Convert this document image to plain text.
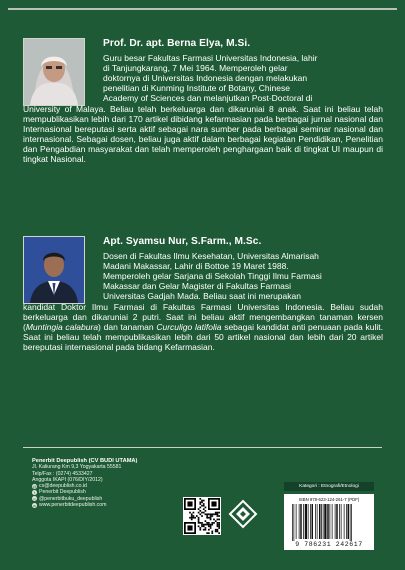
Prof. Dr. apt. Berna Elya, M.Si.
Guru besar Fakultas Farmasi Universitas Indonesia, lahir
di Tanjungkarang, 7 Mei 1964. Memperoleh gelar
doktornya di Universitas Indonesia dengan melakukan
penelitian di Kunming Institute of Botany, Chinese
Academy of Sciences dan melanjutkan Post-Doctoral di
University of Malaya. Beliau telah berkeluarga dan dikaruniai 8 anak. Saat ini beliau telah mempublikasikan lebih dari 170 artikel dibidang kefarmasian pada berbagai jurnal nasional dan Internasional bereputasi serta aktif sebagai nara sumber pada berbagai seminar nasional dan internasional. Sebagai dosen, beliau juga aktif dalam berbagai kegiatan Pendidikan, Penelitian dan Pengabdian masyarakat dan telah memperoleh penghargaan baik di tingkat UI maupun di tingkat Nasional.
Apt. Syamsu Nur, S.Farm., M.Sc.
Dosen di Fakultas Ilmu Kesehatan, Universitas Almarisah
Madani Makassar, Lahir di Bottoe 19 Maret 1988.
Memperoleh gelar Sarjana di Sekolah Tinggi Ilmu Farmasi
Makassar dan Gelar Magister di Fakultas Farmasi
Universitas Gadjah Mada. Beliau saat ini merupakan
kandidat Doktor Ilmu Farmasi di Fakultas Farmasi Universitas Indonesia. Beliau sudah berkeluarga dan dikaruniai 2 putri. Saat ini beliau aktif mengembangkan tanaman kersen (Muntingia calabura) dan tanaman Curculigo latifolia sebagai kandidat anti penuaan pada kulit. Saat ini beliau telah mempublikasikan lebih dari 50 artikel nasional dan lebih dari 20 artikel bereputasi internasional pada bidang Kefarmasian.
Penerbit Deepublish (CV BUDI UTAMA)
Jl. Kaliurang Km 9,3 Yogyakarta 55581
Telp/Fax : (0274) 4533427
Anggota IKAPI (076/DIY/2012)
@ cs@deepublish.co.id
f Penerbit Deepublish
o @penerbitbuku_deepublish
w www.penerbitdeepublish.com
Kategori : Etnografi/Etnologi
ISBN 978-623-124-261-7 (PDF)
9 786231 242617
